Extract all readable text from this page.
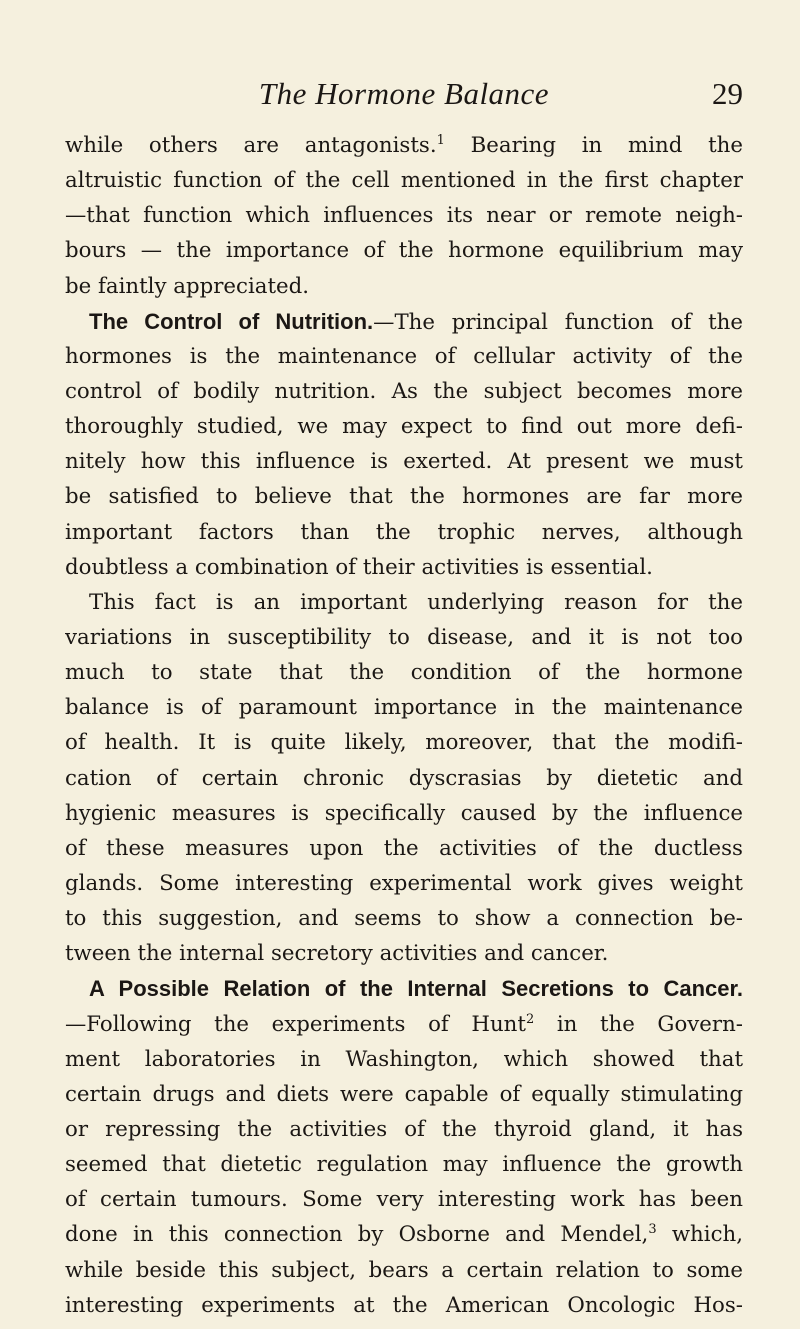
The Hormone Balance	29
while others are antagonists.$^1$ Bearing in mind the
altruistic function of the cell mentioned in the first chapter
—that function which influences its near or remote neigh-
bours — the importance of the hormone equilibrium may
be faintly appreciated.
The Control of Nutrition.—The principal function of the
hormones is the maintenance of cellular activity of the
control of bodily nutrition. As the subject becomes more
thoroughly studied, we may expect to find out more defi-
nitely how this influence is exerted. At present we must
be satisfied to believe that the hormones are far more
important factors than the trophic nerves, although
doubtless a combination of their activities is essential.
This fact is an important underlying reason for the
variations in susceptibility to disease, and it is not too
much to state that the condition of the hormone
balance is of paramount importance in the maintenance
of health. It is quite likely, moreover, that the modifi-
cation of certain chronic dyscrasias by dietetic and
hygienic measures is specifically caused by the influence
of these measures upon the activities of the ductless
glands. Some interesting experimental work gives weight
to this suggestion, and seems to show a connection be-
tween the internal secretory activities and cancer.
A Possible Relation of the Internal Secretions to Cancer.
—Following the experiments of Hunt$^2$ in the Govern-
ment laboratories in Washington, which showed that
certain drugs and diets were capable of equally stimulating
or repressing the activities of the thyroid gland, it has
seemed that dietetic regulation may influence the growth
of certain tumours. Some very interesting work has been
done in this connection by Osborne and Mendel,$^3$ which,
while beside this subject, bears a certain relation to some
interesting experiments at the American Oncologic Hos-
